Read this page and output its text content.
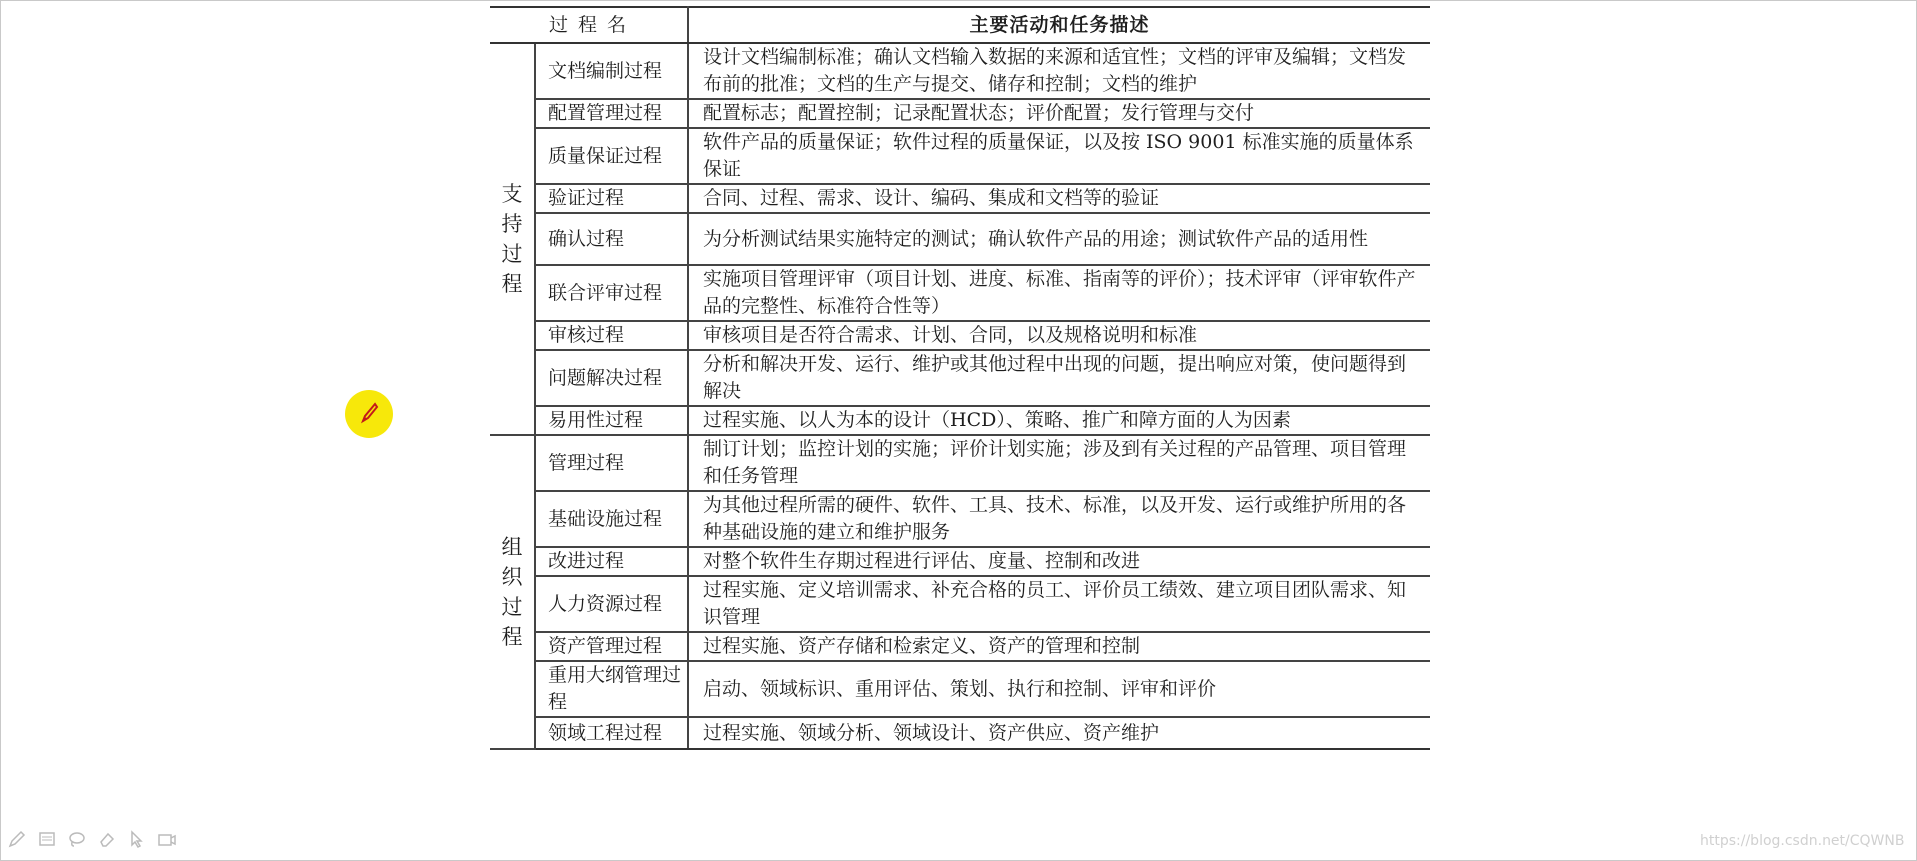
过 程 名		主要活动和任务描述

支持过程	文档编制过程	设计文档编制标准；确认文档输入数据的来源和适宜性；文档的评审及编辑；文档发布前的批准；文档的生产与提交、储存和控制；文档的维护
	配置管理过程	配置标志；配置控制；记录配置状态；评价配置；发行管理与交付
	质量保证过程	软件产品的质量保证；软件过程的质量保证，以及按 ISO 9001 标准实施的质量体系保证
	验证过程	合同、过程、需求、设计、编码、集成和文档等的验证
	确认过程	为分析测试结果实施特定的测试；确认软件产品的用途；测试软件产品的适用性
	联合评审过程	实施项目管理评审（项目计划、进度、标准、指南等的评价）；技术评审（评审软件产品的完整性、标准符合性等）
	审核过程	审核项目是否符合需求、计划、合同，以及规格说明和标准
	问题解决过程	分析和解决开发、运行、维护或其他过程中出现的问题，提出响应对策，使问题得到解决
	易用性过程	过程实施、以人为本的设计（HCD）、策略、推广和障方面的人为因素

组织过程	管理过程	制订计划；监控计划的实施；评价计划实施；涉及到有关过程的产品管理、项目管理和任务管理
	基础设施过程	为其他过程所需的硬件、软件、工具、技术、标准，以及开发、运行或维护所用的各种基础设施的建立和维护服务
	改进过程	对整个软件生存期过程进行评估、度量、控制和改进
	人力资源过程	过程实施、定义培训需求、补充合格的员工、评价员工绩效、建立项目团队需求、知识管理
	资产管理过程	过程实施、资产存储和检索定义、资产的管理和控制
	重用大纲管理过程	启动、领域标识、重用评估、策划、执行和控制、评审和评价
	领域工程过程	过程实施、领域分析、领域设计、资产供应、资产维护
https://blog.csdn.net/CQWNB
